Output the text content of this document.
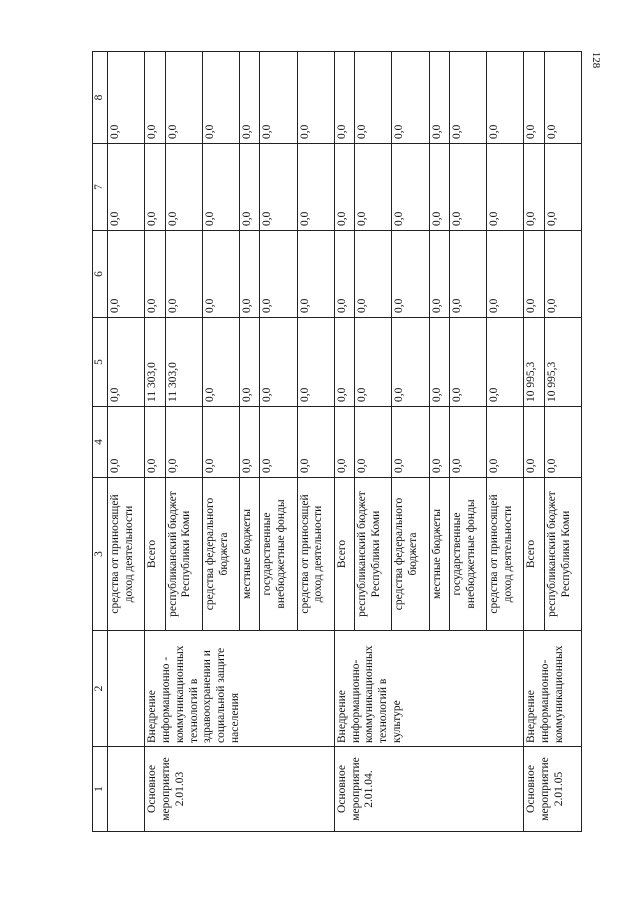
128
1	2	3	4	5	6	7	8
		средства от приносящей доход деятельности	0,0	0,0	0,0	0,0	0,0
Основное мероприятие 2.01.03	Внедрение информационно - коммуникационных технологий в здравоохранении и социальной защите населения	Всего	0,0	11 303,0	0,0	0,0	0,0
		республиканский бюджет Республики Коми	0,0	11 303,0	0,0	0,0	0,0
		средства федерального бюджета	0,0	0,0	0,0	0,0	0,0
		местные бюджеты	0,0	0,0	0,0	0,0	0,0
		государственные внебюджетные фонды	0,0	0,0	0,0	0,0	0,0
		средства от приносящей доход деятельности	0,0	0,0	0,0	0,0	0,0
Основное мероприятие 2.01.04.	Внедрение информационно-коммуникационных технологий в культуре	Всего	0,0	0,0	0,0	0,0	0,0
		республиканский бюджет Республики Коми	0,0	0,0	0,0	0,0	0,0
		средства федерального бюджета	0,0	0,0	0,0	0,0	0,0
		местные бюджеты	0,0	0,0	0,0	0,0	0,0
		государственные внебюджетные фонды	0,0	0,0	0,0	0,0	0,0
		средства от приносящей доход деятельности	0,0	0,0	0,0	0,0	0,0
Основное мероприятие 2.01.05	Внедрение информационно-коммуникационных	Всего	0,0	10 995,3	0,0	0,0	0,0
		республиканский бюджет Республики Коми	0,0	10 995,3	0,0	0,0	0,0
